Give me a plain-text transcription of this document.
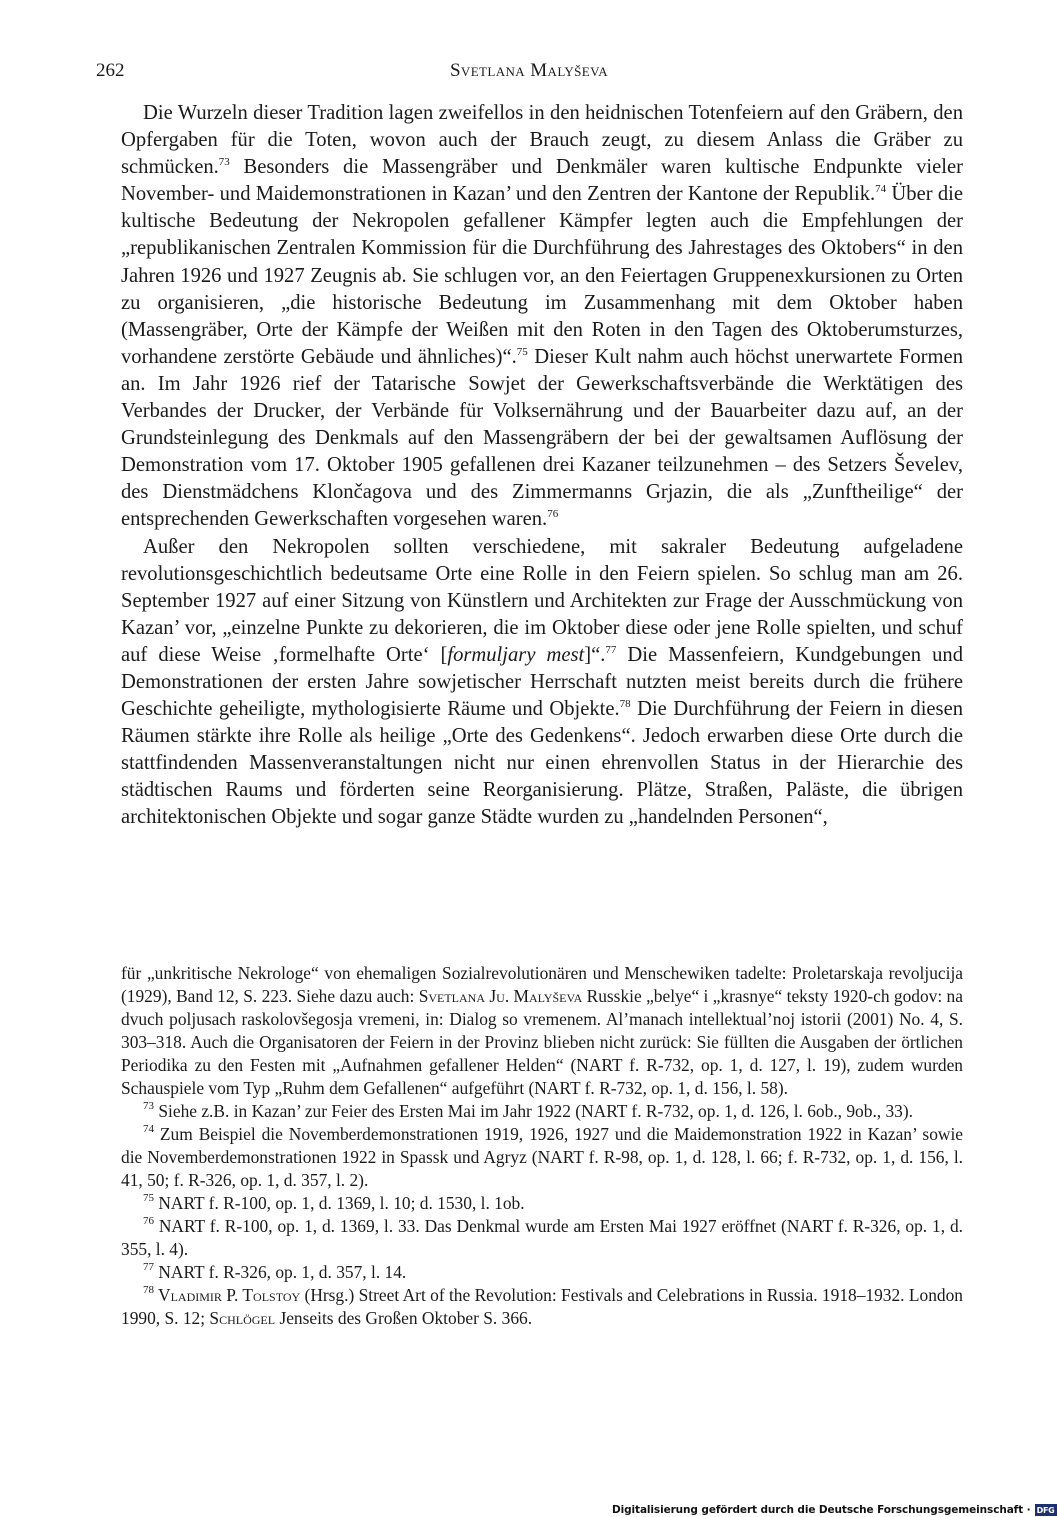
262	Svetlana Malyševa

Die Wurzeln dieser Tradition lagen zweifellos in den heidnischen Totenfeiern auf den Gräbern, den Opfergaben für die Toten, wovon auch der Brauch zeugt, zu diesem Anlass die Gräber zu schmücken.$^{73}$ Besonders die Massengräber und Denkmäler waren kultische Endpunkte vieler November- und Maidemonstrationen in Kazan’ und den Zentren der Kantone der Republik.$^{74}$ Über die kultische Bedeutung der Nekropolen gefallener Kämpfer legten auch die Empfehlungen der „republikanischen Zentralen Kommission für die Durchführung des Jahrestages des Oktobers“ in den Jahren 1926 und 1927 Zeugnis ab. Sie schlugen vor, an den Feiertagen Gruppenexkursionen zu Orten zu organisieren, „die historische Bedeutung im Zusammenhang mit dem Oktober haben (Massengräber, Orte der Kämpfe der Weißen mit den Roten in den Tagen des Oktoberumsturzes, vorhandene zerstörte Gebäude und ähnliches)“.$^{75}$ Dieser Kult nahm auch höchst unerwartete Formen an. Im Jahr 1926 rief der Tatarische Sowjet der Gewerkschaftsverbände die Werktätigen des Verbandes der Drucker, der Verbände für Volksernährung und der Bauarbeiter dazu auf, an der Grundsteinlegung des Denkmals auf den Massengräbern der bei der gewaltsamen Auflösung der Demonstration vom 17. Oktober 1905 gefallenen drei Kazaner teilzunehmen – des Setzers Ševelev, des Dienstmädchens Klončagova und des Zimmermanns Grjazin, die als „Zunftheilige“ der entsprechenden Gewerkschaften vorgesehen waren.$^{76}$

Außer den Nekropolen sollten verschiedene, mit sakraler Bedeutung aufgeladene revolutionsgeschichtlich bedeutsame Orte eine Rolle in den Feiern spielen. So schlug man am 26. September 1927 auf einer Sitzung von Künstlern und Architekten zur Frage der Ausschmückung von Kazan’ vor, „einzelne Punkte zu dekorieren, die im Oktober diese oder jene Rolle spielten, und schuf auf diese Weise ‚formelhafte Orte‘ [formuljary mest]“.$^{77}$ Die Massenfeiern, Kundgebungen und Demonstrationen der ersten Jahre sowjetischer Herrschaft nutzten meist bereits durch die frühere Geschichte geheiligte, mythologisierte Räume und Objekte.$^{78}$ Die Durchführung der Feiern in diesen Räumen stärkte ihre Rolle als heilige „Orte des Gedenkens“. Jedoch erwarben diese Orte durch die stattfindenden Massenveranstaltungen nicht nur einen ehrenvollen Status in der Hierarchie des städtischen Raums und förderten seine Reorganisierung. Plätze, Straßen, Paläste, die übrigen architektonischen Objekte und sogar ganze Städte wurden zu „handelnden Personen“,

für „unkritische Nekrologe“ von ehemaligen Sozialrevolutionären und Menschewiken tadelte: Proletarskaja revoljucija (1929), Band 12, S. 223. Siehe dazu auch: Svetlana Ju. Malyševa Russkie „belye“ i „krasnye“ teksty 1920-ch godov: na dvuch poljusach raskolovšegosja vremeni, in: Dialog so vremenem. Al’manach intellektual’noj istorii (2001) No. 4, S. 303–318. Auch die Organisatoren der Feiern in der Provinz blieben nicht zurück: Sie füllten die Ausgaben der örtlichen Periodika zu den Festen mit „Aufnahmen gefallener Helden“ (NART f. R-732, op. 1, d. 127, l. 19), zudem wurden Schauspiele vom Typ „Ruhm dem Gefallenen“ aufgeführt (NART f. R-732, op. 1, d. 156, l. 58).

$^{73}$ Siehe z.B. in Kazan’ zur Feier des Ersten Mai im Jahr 1922 (NART f. R-732, op. 1, d. 126, l. 6ob., 9ob., 33).

$^{74}$ Zum Beispiel die Novemberdemonstrationen 1919, 1926, 1927 und die Maidemonstration 1922 in Kazan’ sowie die Novemberdemonstrationen 1922 in Spassk und Agryz (NART f. R-98, op. 1, d. 128, l. 66; f. R-732, op. 1, d. 156, l. 41, 50; f. R-326, op. 1, d. 357, l. 2).

$^{75}$ NART f. R-100, op. 1, d. 1369, l. 10; d. 1530, l. 1ob.

$^{76}$ NART f. R-100, op. 1, d. 1369, l. 33. Das Denkmal wurde am Ersten Mai 1927 eröffnet (NART f. R-326, op. 1, d. 355, l. 4).

$^{77}$ NART f. R-326, op. 1, d. 357, l. 14.

$^{78}$ Vladimir P. Tolstoy (Hrsg.) Street Art of the Revolution: Festivals and Celebrations in Russia. 1918–1932. London 1990, S. 12; Schlögel Jenseits des Großen Oktober S. 366.

Digitalisierung gefördert durch die Deutsche Forschungsgemeinschaft · DFG
